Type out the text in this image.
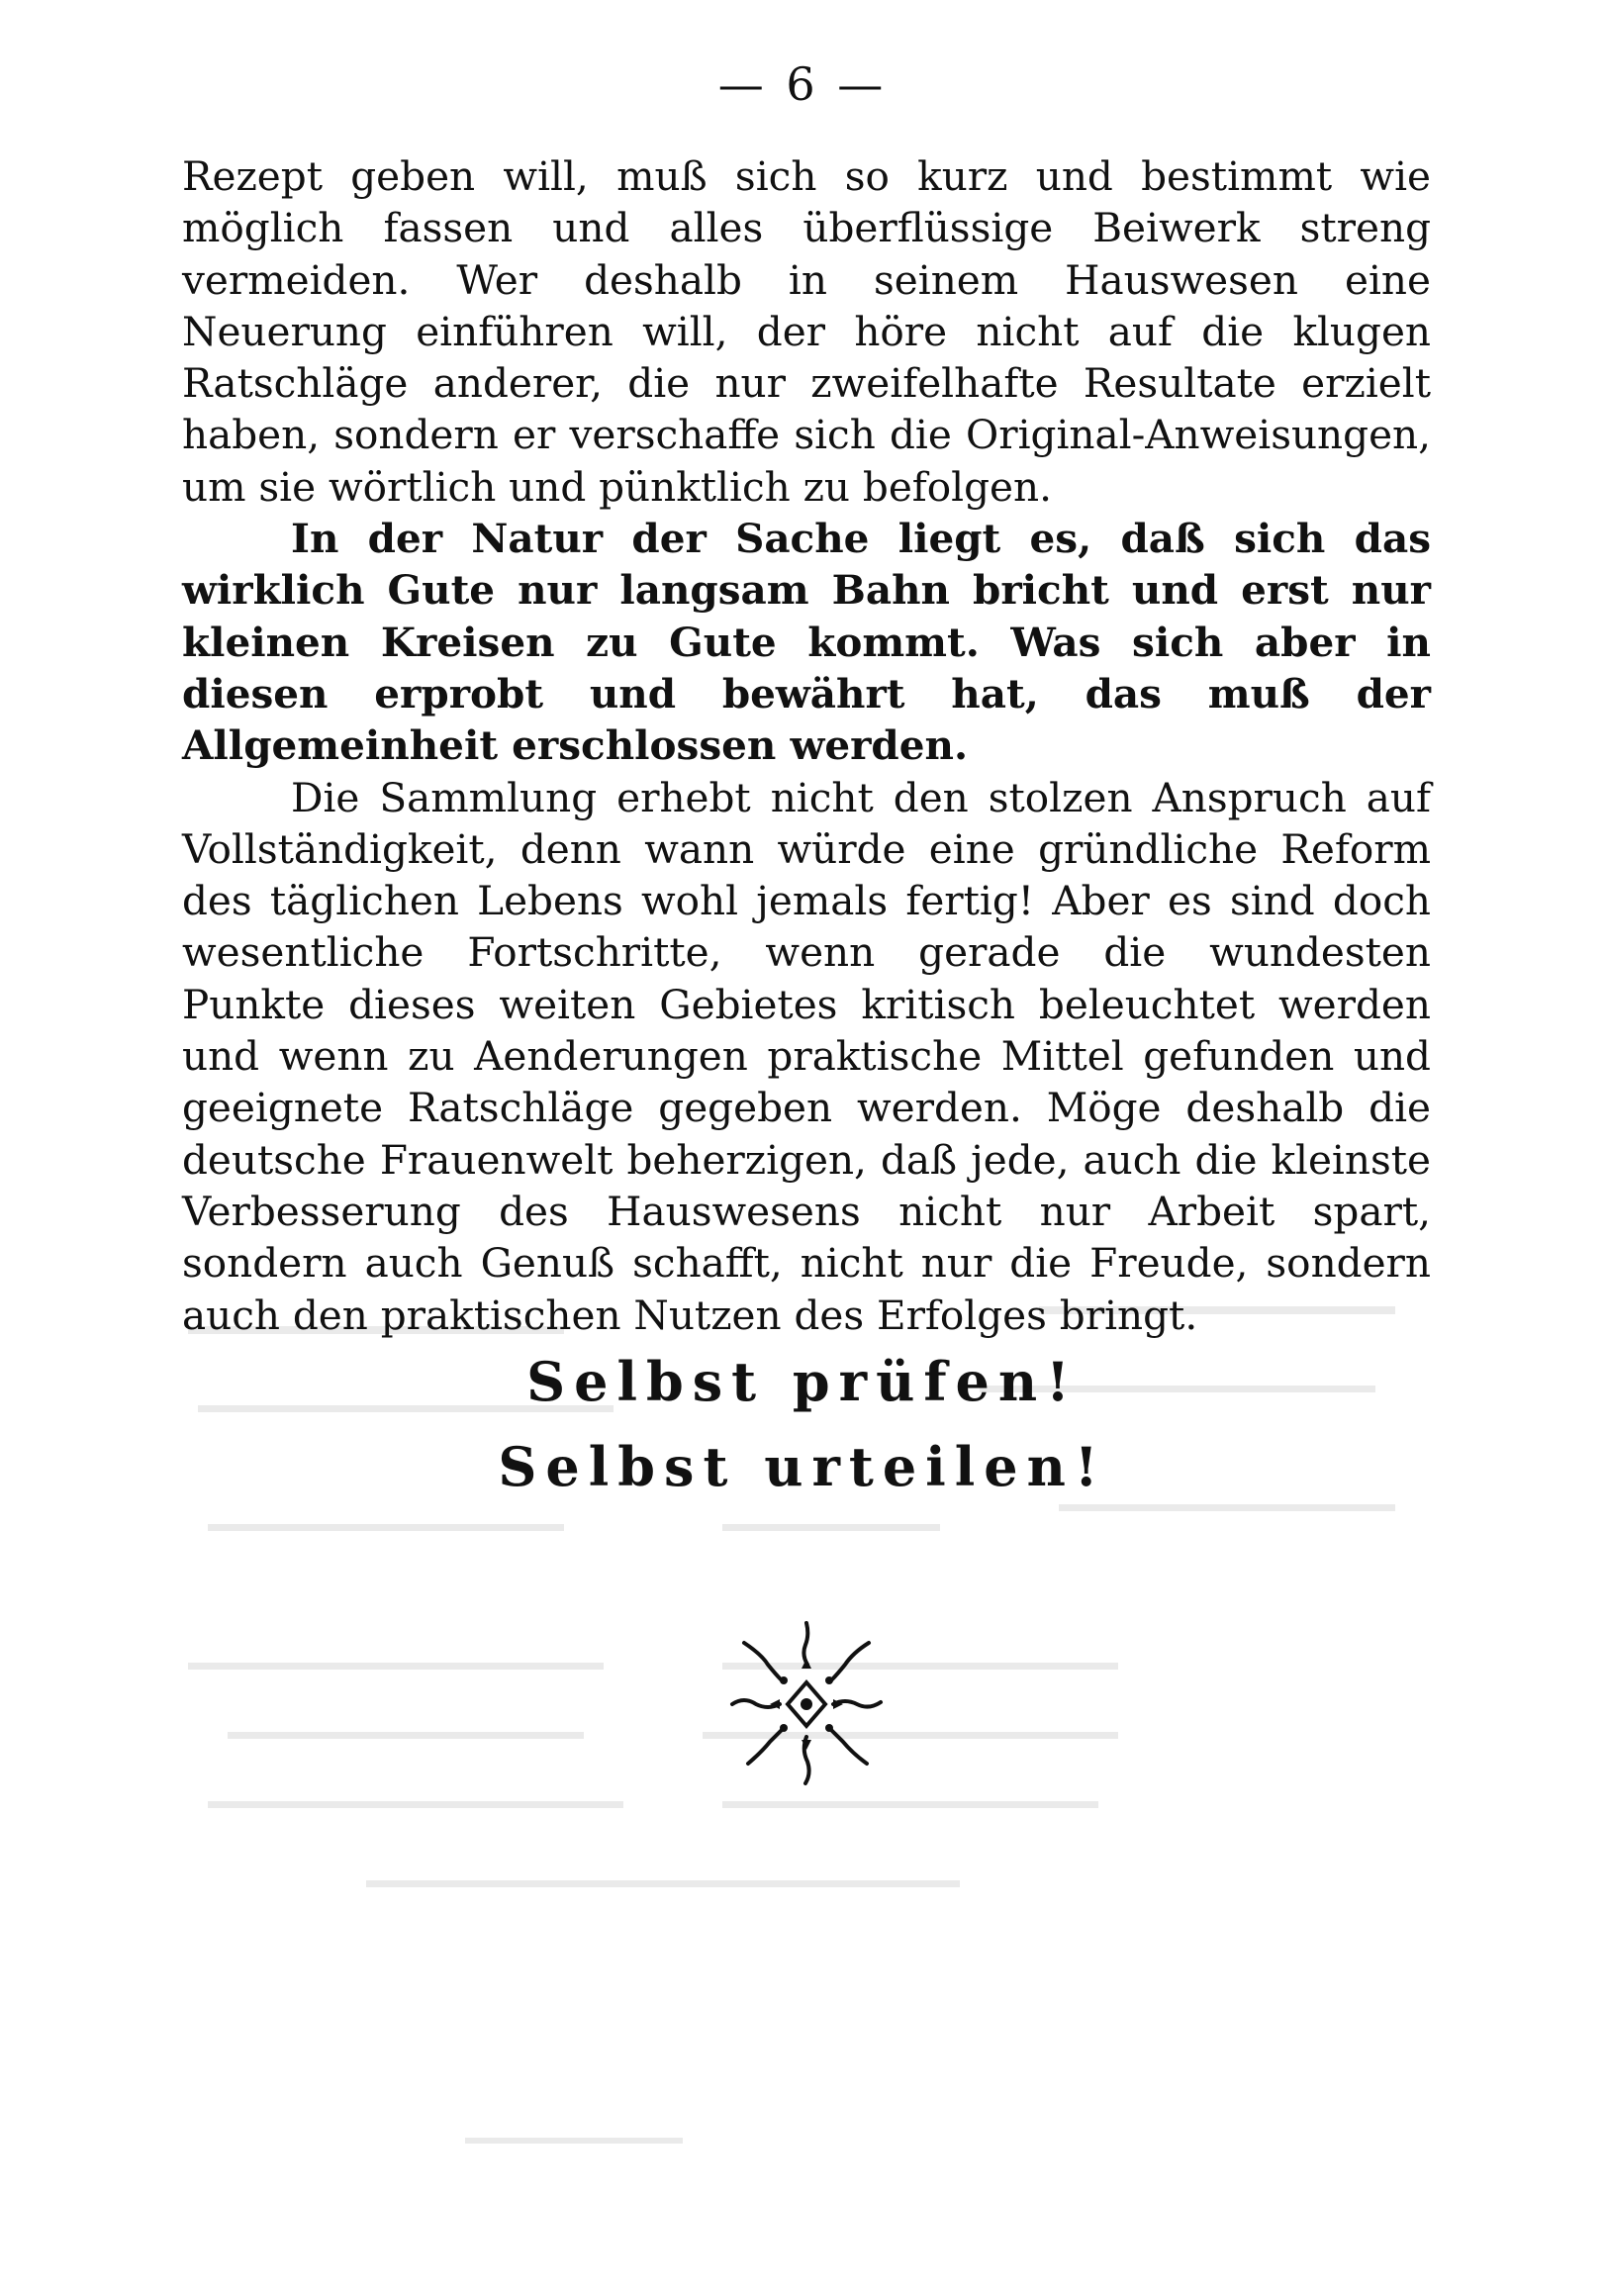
— 6 —

Rezept geben will, muß sich so kurz und bestimmt wie möglich fassen und alles überflüssige Beiwerk streng vermeiden. Wer deshalb in seinem Hauswesen eine Neuerung einführen will, der höre nicht auf die klugen Ratschläge anderer, die nur zweifelhafte Resultate erzielt haben, sondern er verschaffe sich die Original-Anweisungen, um sie wörtlich und pünktlich zu befolgen.

In der Natur der Sache liegt es, daß sich das wirklich Gute nur langsam Bahn bricht und erst nur kleinen Kreisen zu Gute kommt. Was sich aber in diesen erprobt und bewährt hat, das muß der Allgemeinheit erschlossen werden.

Die Sammlung erhebt nicht den stolzen Anspruch auf Vollständigkeit, denn wann würde eine gründliche Reform des täglichen Lebens wohl jemals fertig! Aber es sind doch wesentliche Fortschritte, wenn gerade die wundesten Punkte dieses weiten Gebietes kritisch beleuchtet werden und wenn zu Aenderungen praktische Mittel gefunden und geeignete Ratschläge gegeben werden. Möge deshalb die deutsche Frauenwelt beherzigen, daß jede, auch die kleinste Verbesserung des Hauswesens nicht nur Arbeit spart, sondern auch Genuß schafft, nicht nur die Freude, sondern auch den praktischen Nutzen des Erfolges bringt.

Selbst prüfen!
Selbst urteilen!
